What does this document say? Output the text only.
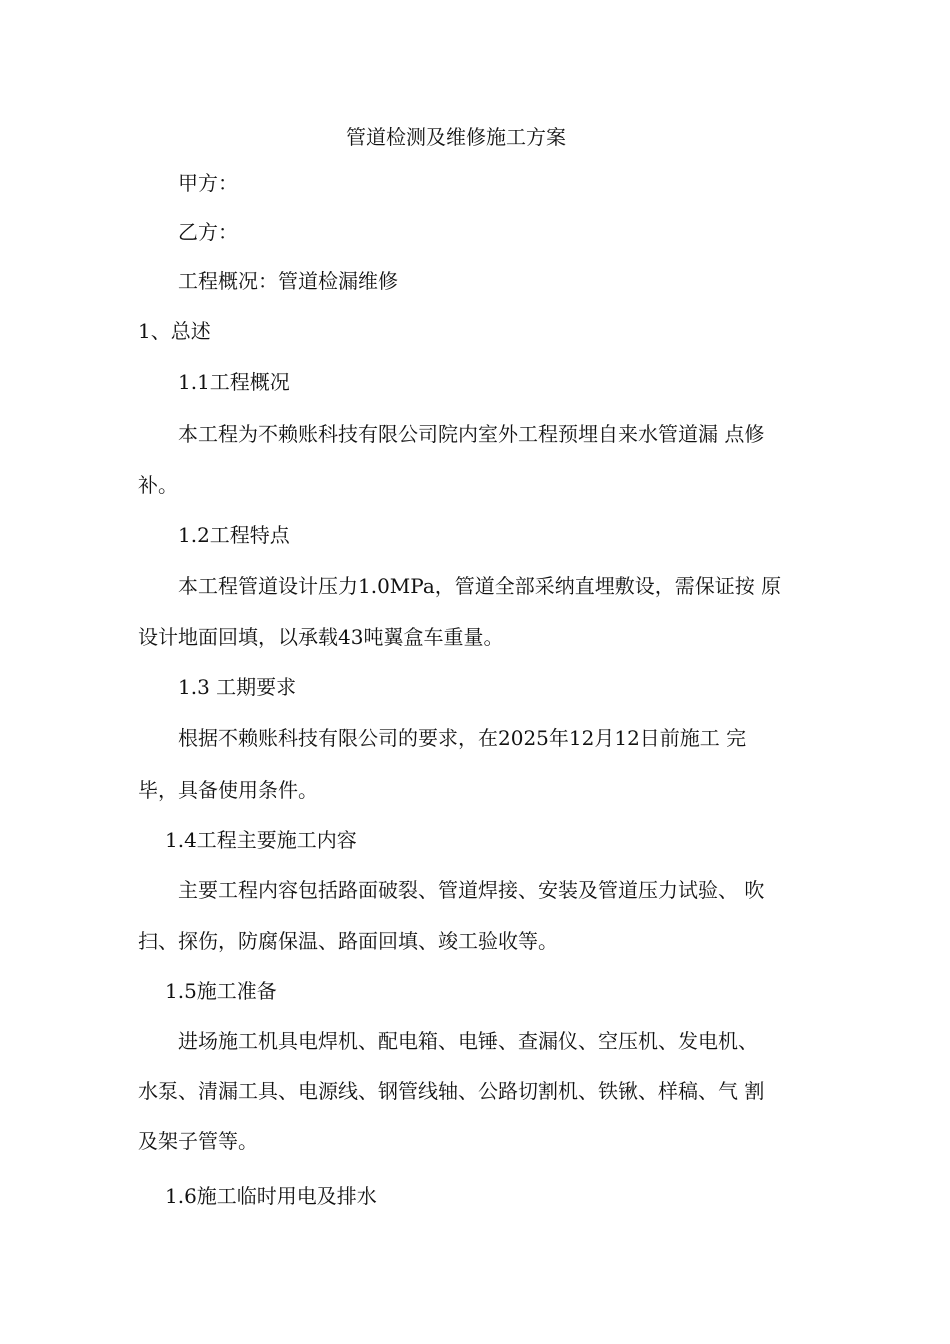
管道检测及维修施工方案
甲方：
乙方：
工程概况：管道检漏维修
1、总述
1.1工程概况
本工程为不赖账科技有限公司院内室外工程预埋自来水管道漏 点修
补。
1.2工程特点
本工程管道设计压力1.0MPa，管道全部采纳直埋敷设，需保证按 原
设计地面回填，以承载43吨翼盒车重量。
1.3 工期要求
根据不赖账科技有限公司的要求，在2025年12月12日前施工 完
毕，具备使用条件。
1.4工程主要施工内容
主要工程内容包括路面破裂、管道焊接、安装及管道压力试验、 吹
扫、探伤，防腐保温、路面回填、竣工验收等。
1.5施工准备
进场施工机具电焊机、配电箱、电锤、查漏仪、空压机、发电机、
水泵、清漏工具、电源线、钢管线轴、公路切割机、铁锹、样稿、气 割
及架子管等。
1.6施工临时用电及排水
